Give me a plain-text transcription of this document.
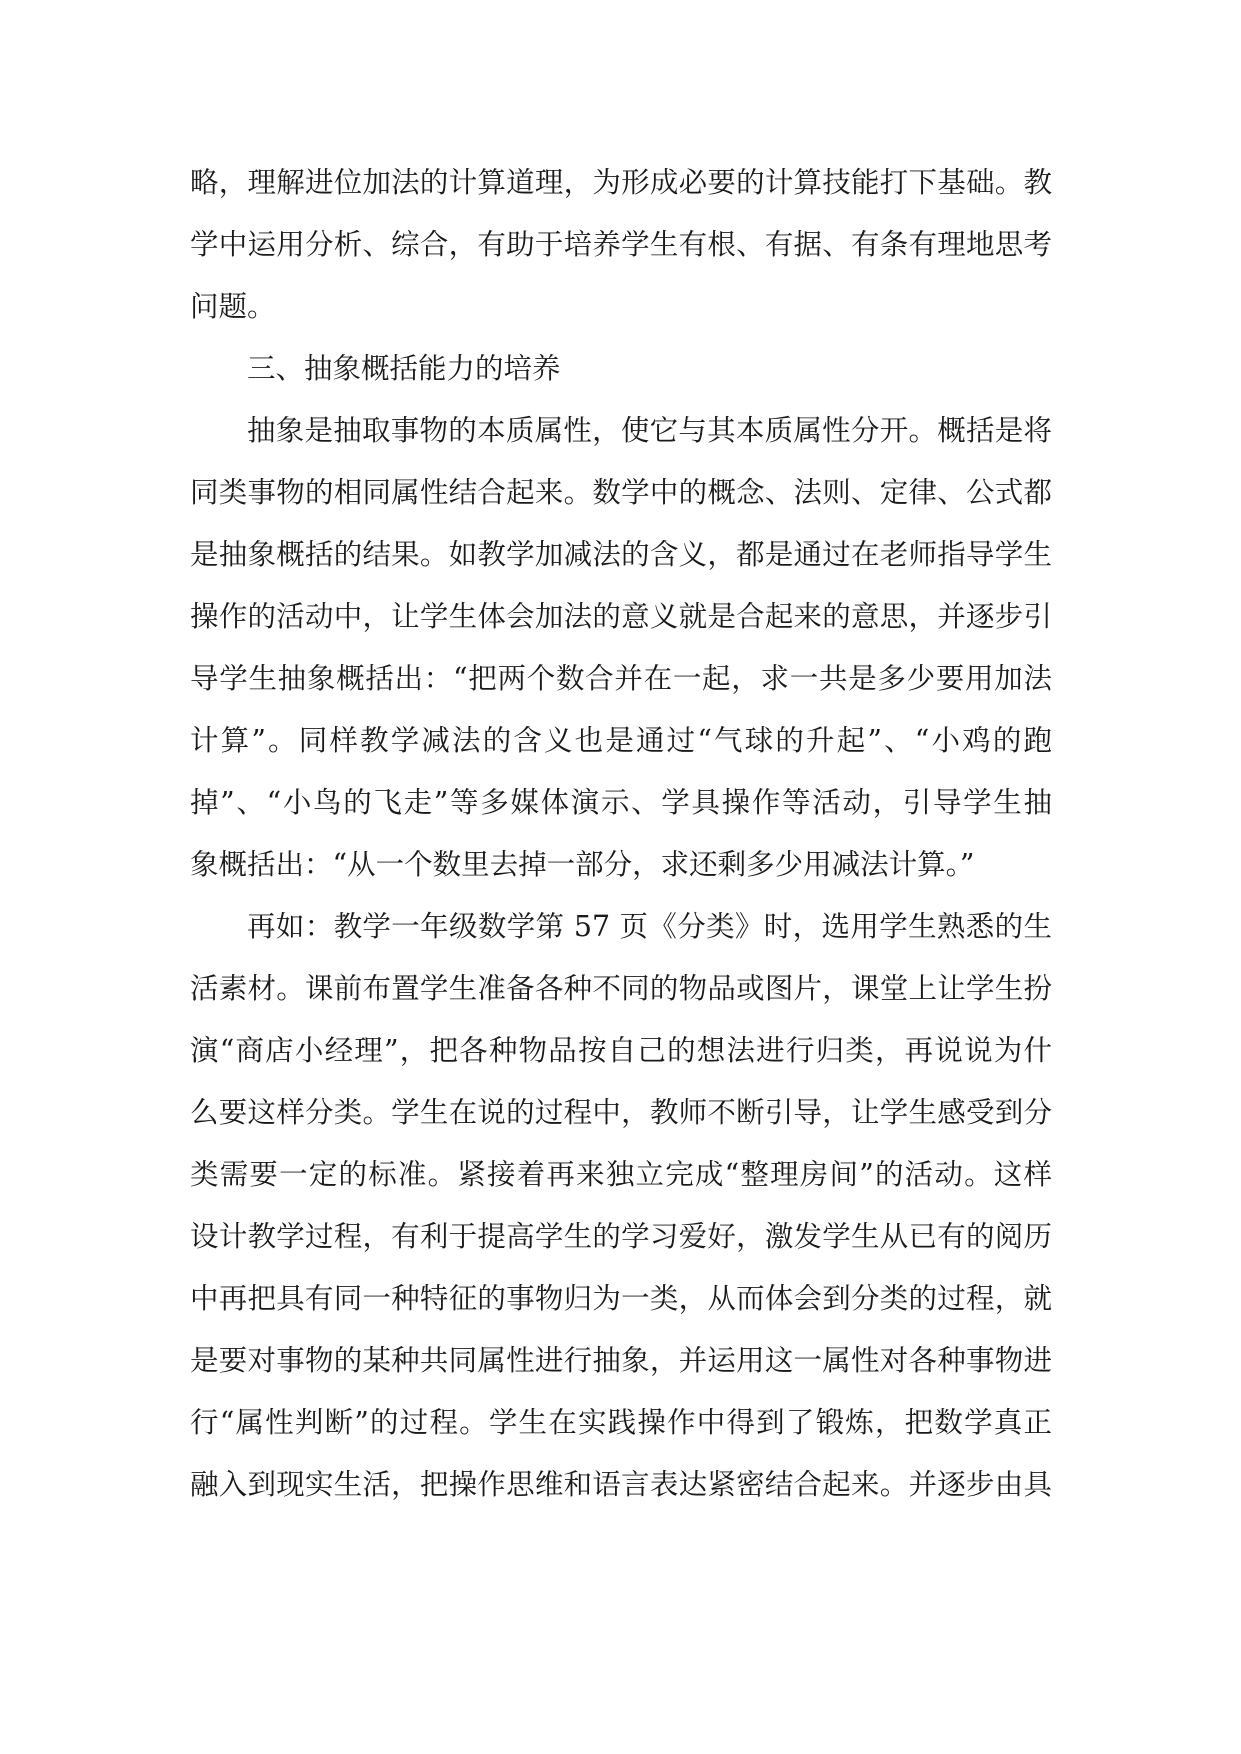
略，理解进位加法的计算道理，为形成必要的计算技能打下基础。教
学中运用分析、综合，有助于培养学生有根、有据、有条有理地思考
问题。
三、抽象概括能力的培养
抽象是抽取事物的本质属性，使它与其本质属性分开。概括是将
同类事物的相同属性结合起来。数学中的概念、法则、定律、公式都
是抽象概括的结果。如教学加减法的含义，都是通过在老师指导学生
操作的活动中，让学生体会加法的意义就是合起来的意思，并逐步引
导学生抽象概括出：“把两个数合并在一起，求一共是多少要用加法
计算”。同样教学减法的含义也是通过“气球的升起”、“小鸡的跑
掉”、“小鸟的飞走”等多媒体演示、学具操作等活动，引导学生抽
象概括出：“从一个数里去掉一部分，求还剩多少用减法计算。”
再如：教学一年级数学第 57 页《分类》时，选用学生熟悉的生
活素材。课前布置学生准备各种不同的物品或图片，课堂上让学生扮
演“商店小经理”，把各种物品按自己的想法进行归类，再说说为什
么要这样分类。学生在说的过程中，教师不断引导，让学生感受到分
类需要一定的标准。紧接着再来独立完成“整理房间”的活动。这样
设计教学过程，有利于提高学生的学习爱好，激发学生从已有的阅历
中再把具有同一种特征的事物归为一类，从而体会到分类的过程，就
是要对事物的某种共同属性进行抽象，并运用这一属性对各种事物进
行“属性判断”的过程。学生在实践操作中得到了锻炼，把数学真正
融入到现实生活，把操作思维和语言表达紧密结合起来。并逐步由具
